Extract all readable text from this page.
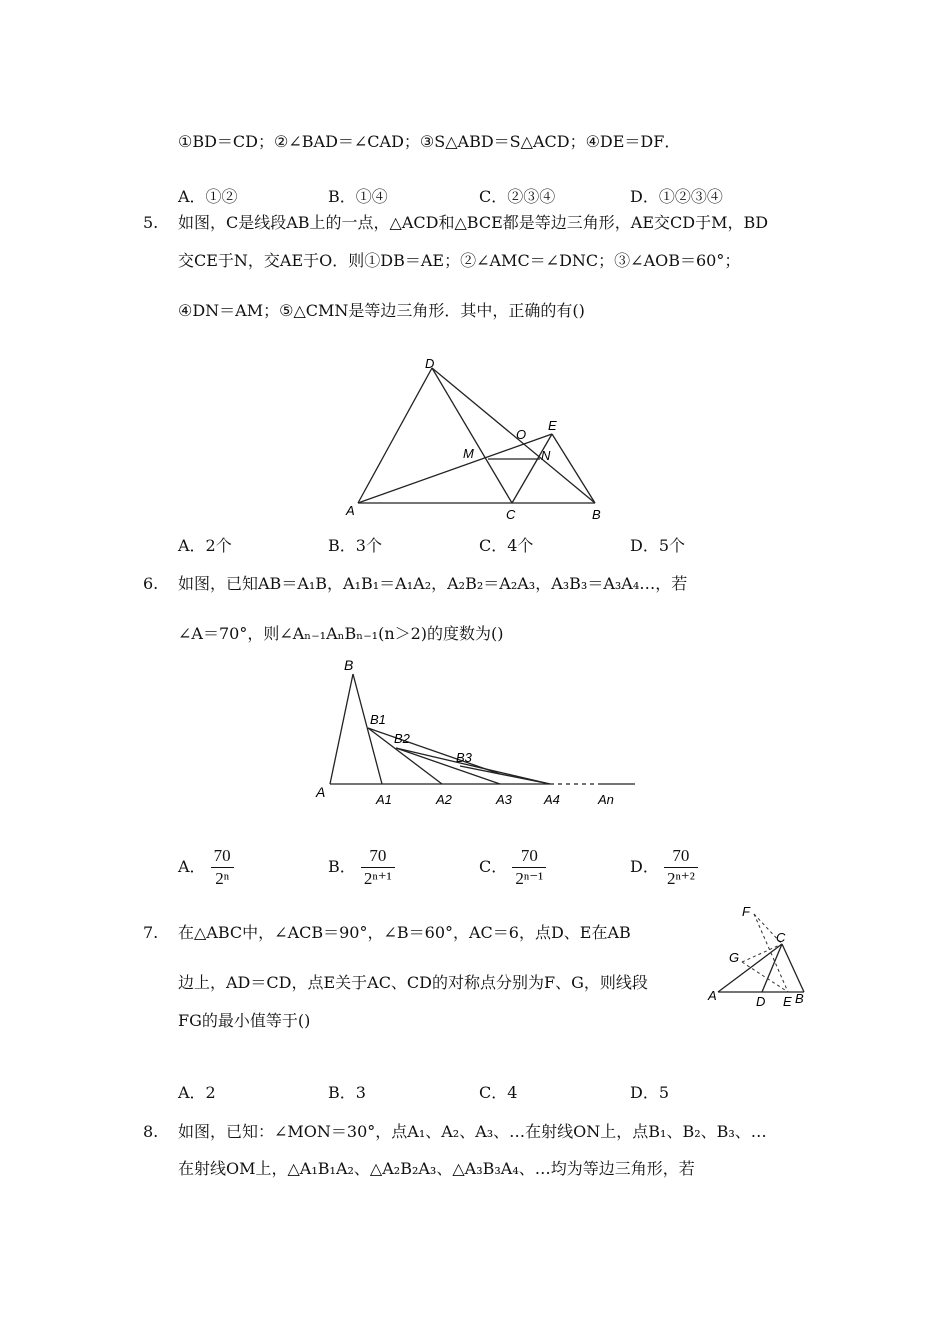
①BD＝CD；②∠BAD＝∠CAD；③S△ABD＝S△ACD；④DE＝DF．
A．①②	B．①④	C．②③④	D．①②③④
5. 如图，C是线段AB上的一点，△ACD和△BCE都是等边三角形，AE交CD于M，BD
交CE于N，交AE于O．则①DB＝AE；②∠AMC＝∠DNC；③∠AOB＝60°；
④DN＝AM；⑤△CMN是等边三角形．其中，正确的有()
D
E
O
M	N
A	C	B
A．2个	B．3个	C．4个	D．5个
6. 如图，已知AB＝A₁B，A₁B₁＝A₁A₂，A₂B₂＝A₂A₃，A₃B₃＝A₃A₄…，若
∠A＝70°，则∠Aₙ₋₁AₙBₙ₋₁(n＞2)的度数为()
B
B1
B2
B3
A	A1	A2	A3 A4	An
A． $\frac{70}{\text{2ⁿ}}$	B． $\frac{70}{\text{2ⁿ⁺¹}}$	C． $\frac{70}{\text{2ⁿ⁻¹}}$	D． $\frac{70}{\text{2ⁿ⁺²}}$
7. 在△ABC中，∠ACB＝90°，∠B＝60°，AC＝6，点D、E在AB
边上，AD＝CD，点E关于AC、CD的对称点分别为F、G，则线段
FG的最小值等于()
F
C
G
A	D E B
A．2	B．3	C．4	D．5
8. 如图，已知：∠MON＝30°，点A₁、A₂、A₃、…在射线ON上，点B₁、B₂、B₃、…
在射线OM上，△A₁B₁A₂、△A₂B₂A₃、△A₃B₃A₄、…均为等边三角形，若
